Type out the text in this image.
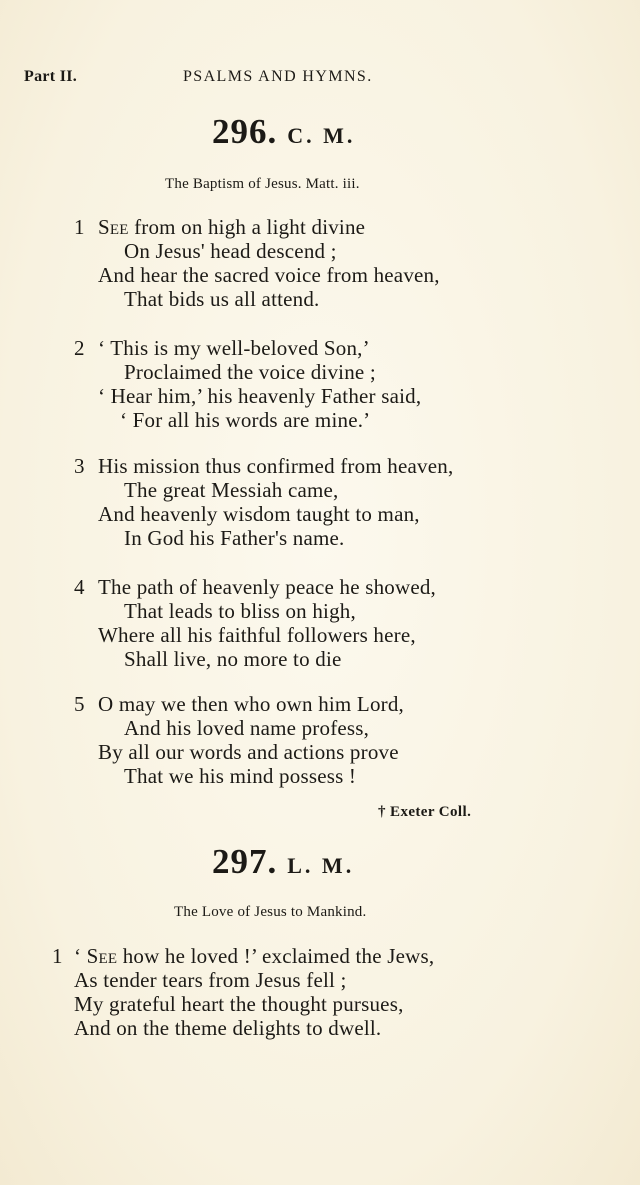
Part II.	PSALMS AND HYMNS.
296. C. M.
The Baptism of Jesus. Matt. iii.
1 See from on high a light divine
On Jesus' head descend ;
And hear the sacred voice from heaven,
That bids us all attend.
2 ‘ This is my well-beloved Son,’
Proclaimed the voice divine ;
‘ Hear him,’ his heavenly Father said,
‘ For all his words are mine.’
3 His mission thus confirmed from heaven,
The great Messiah came,
And heavenly wisdom taught to man,
In God his Father's name.
4 The path of heavenly peace he showed,
That leads to bliss on high,
Where all his faithful followers here,
Shall live, no more to die
5 O may we then who own him Lord,
And his loved name profess,
By all our words and actions prove
That we his mind possess !
† Exeter Coll.
297. L. M.
The Love of Jesus to Mankind.
1 ‘ See how he loved !’ exclaimed the Jews,
As tender tears from Jesus fell ;
My grateful heart the thought pursues,
And on the theme delights to dwell.
